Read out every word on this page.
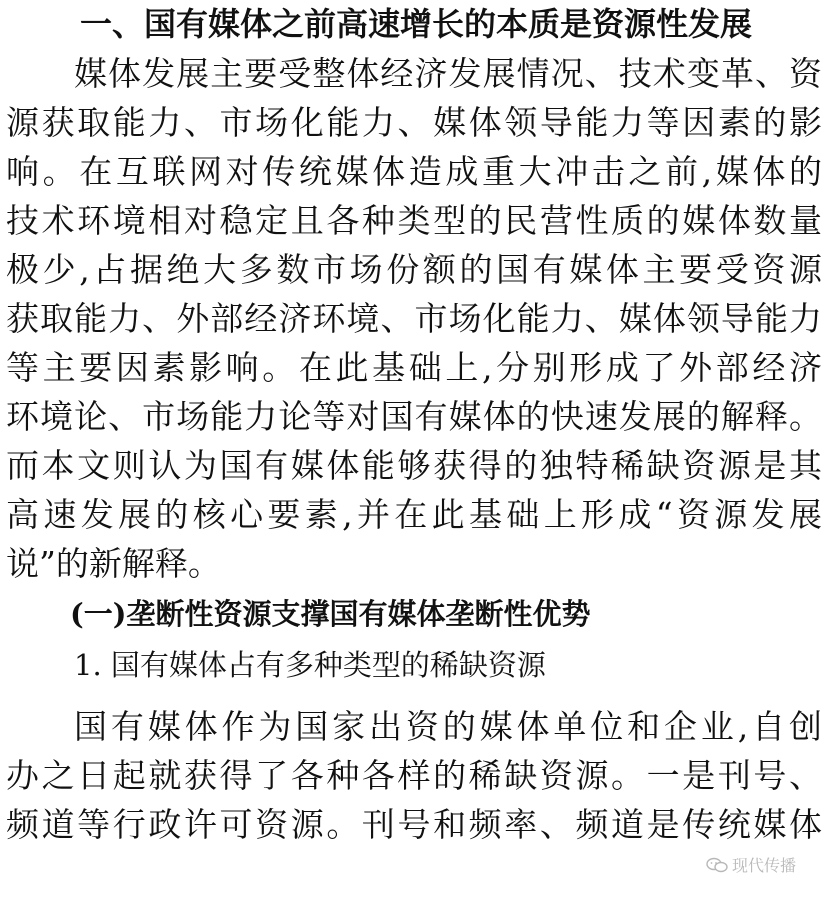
一、国有媒体之前高速增长的本质是资源性发展
媒体发展主要受整体经济发展情况、技术变革、资
源获取能力、市场化能力、媒体领导能力等因素的影
响。在互联网对传统媒体造成重大冲击之前,媒体的
技术环境相对稳定且各种类型的民营性质的媒体数量
极少,占据绝大多数市场份额的国有媒体主要受资源
获取能力、外部经济环境、市场化能力、媒体领导能力
等主要因素影响。在此基础上,分别形成了外部经济
环境论、市场能力论等对国有媒体的快速发展的解释。
而本文则认为国有媒体能够获得的独特稀缺资源是其
高速发展的核心要素,并在此基础上形成“资源发展
说”的新解释。
(一)垄断性资源支撑国有媒体垄断性优势
1. 国有媒体占有多种类型的稀缺资源
国有媒体作为国家出资的媒体单位和企业,自创
办之日起就获得了各种各样的稀缺资源。一是刊号、
频道等行政许可资源。刊号和频率、频道是传统媒体
现代传播
